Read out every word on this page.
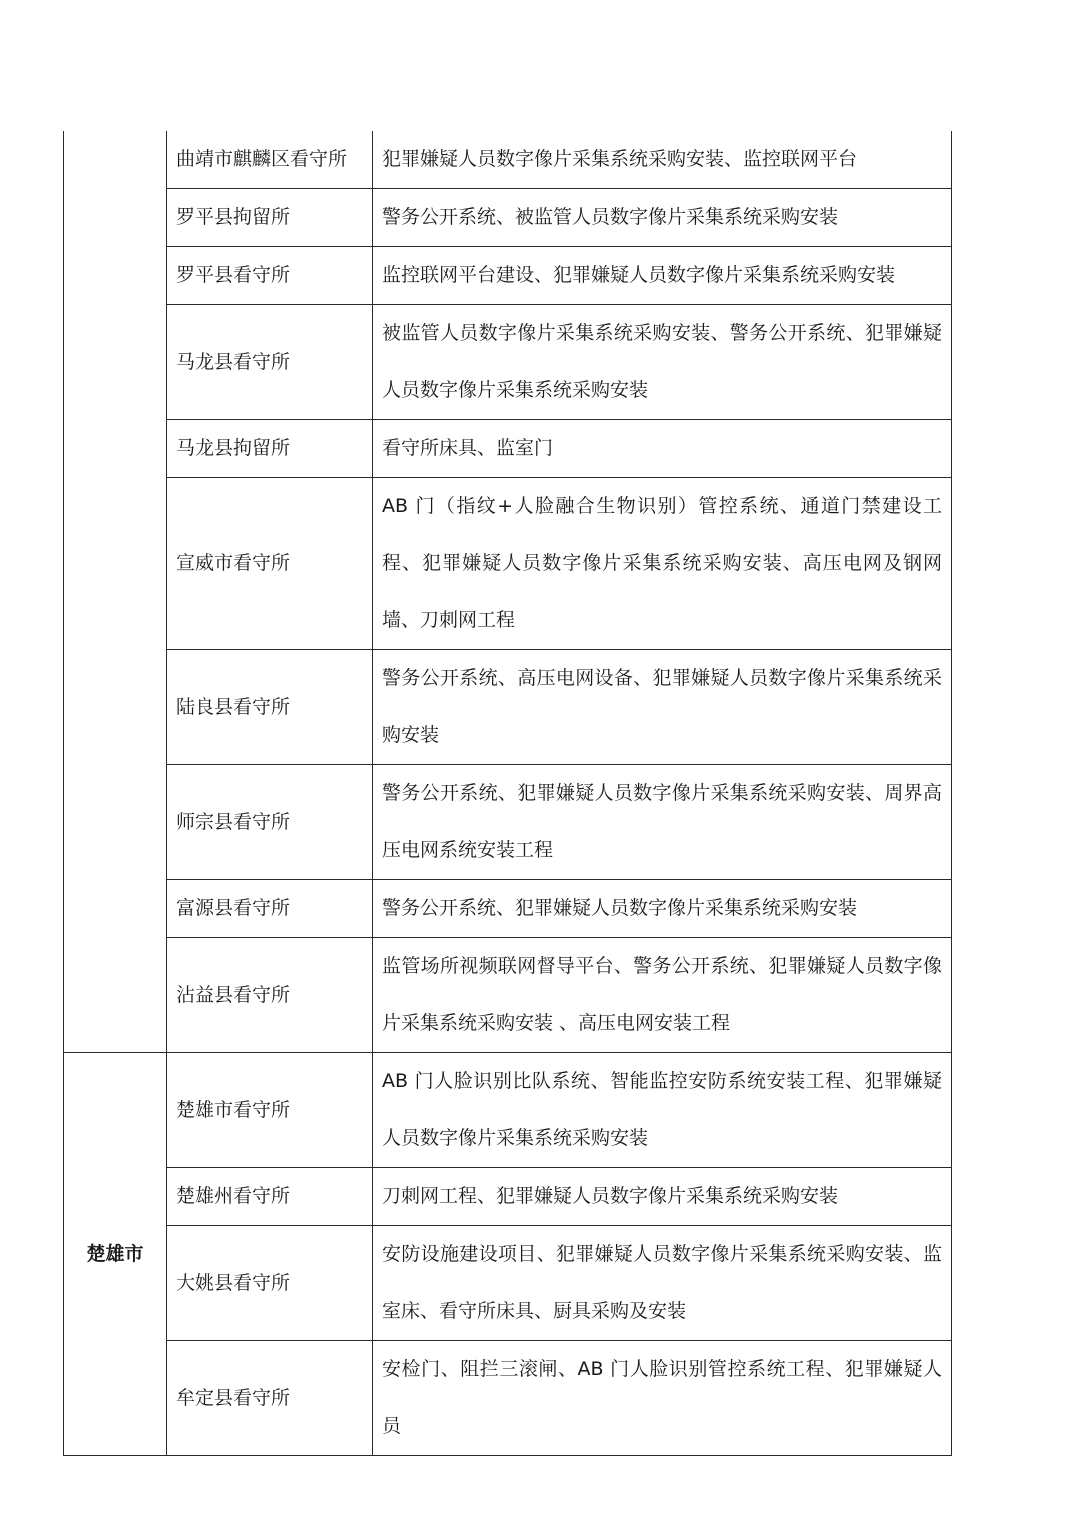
	曲靖市麒麟区看守所	犯罪嫌疑人员数字像片采集系统采购安装、监控联网平台
	罗平县拘留所	警务公开系统、被监管人员数字像片采集系统采购安装
	罗平县看守所	监控联网平台建设、犯罪嫌疑人员数字像片采集系统采购安装
	马龙县看守所	被监管人员数字像片采集系统采购安装、警务公开系统、犯罪嫌疑人员数字像片采集系统采购安装
	马龙县拘留所	看守所床具、监室门
	宣威市看守所	AB 门（指纹+人脸融合生物识别）管控系统、通道门禁建设工程、犯罪嫌疑人员数字像片采集系统采购安装、高压电网及钢网墙、刀刺网工程
	陆良县看守所	警务公开系统、高压电网设备、犯罪嫌疑人员数字像片采集系统采购安装
	师宗县看守所	警务公开系统、犯罪嫌疑人员数字像片采集系统采购安装、周界高压电网系统安装工程
	富源县看守所	警务公开系统、犯罪嫌疑人员数字像片采集系统采购安装
	沾益县看守所	监管场所视频联网督导平台、警务公开系统、犯罪嫌疑人员数字像片采集系统采购安装 、高压电网安装工程
楚雄市	楚雄市看守所	AB 门人脸识别比队系统、智能监控安防系统安装工程、犯罪嫌疑人员数字像片采集系统采购安装
	楚雄州看守所	刀刺网工程、犯罪嫌疑人员数字像片采集系统采购安装
	大姚县看守所	安防设施建设项目、犯罪嫌疑人员数字像片采集系统采购安装、监室床、看守所床具、厨具采购及安装
	牟定县看守所	安检门、阻拦三滚闸、AB 门人脸识别管控系统工程、犯罪嫌疑人员
